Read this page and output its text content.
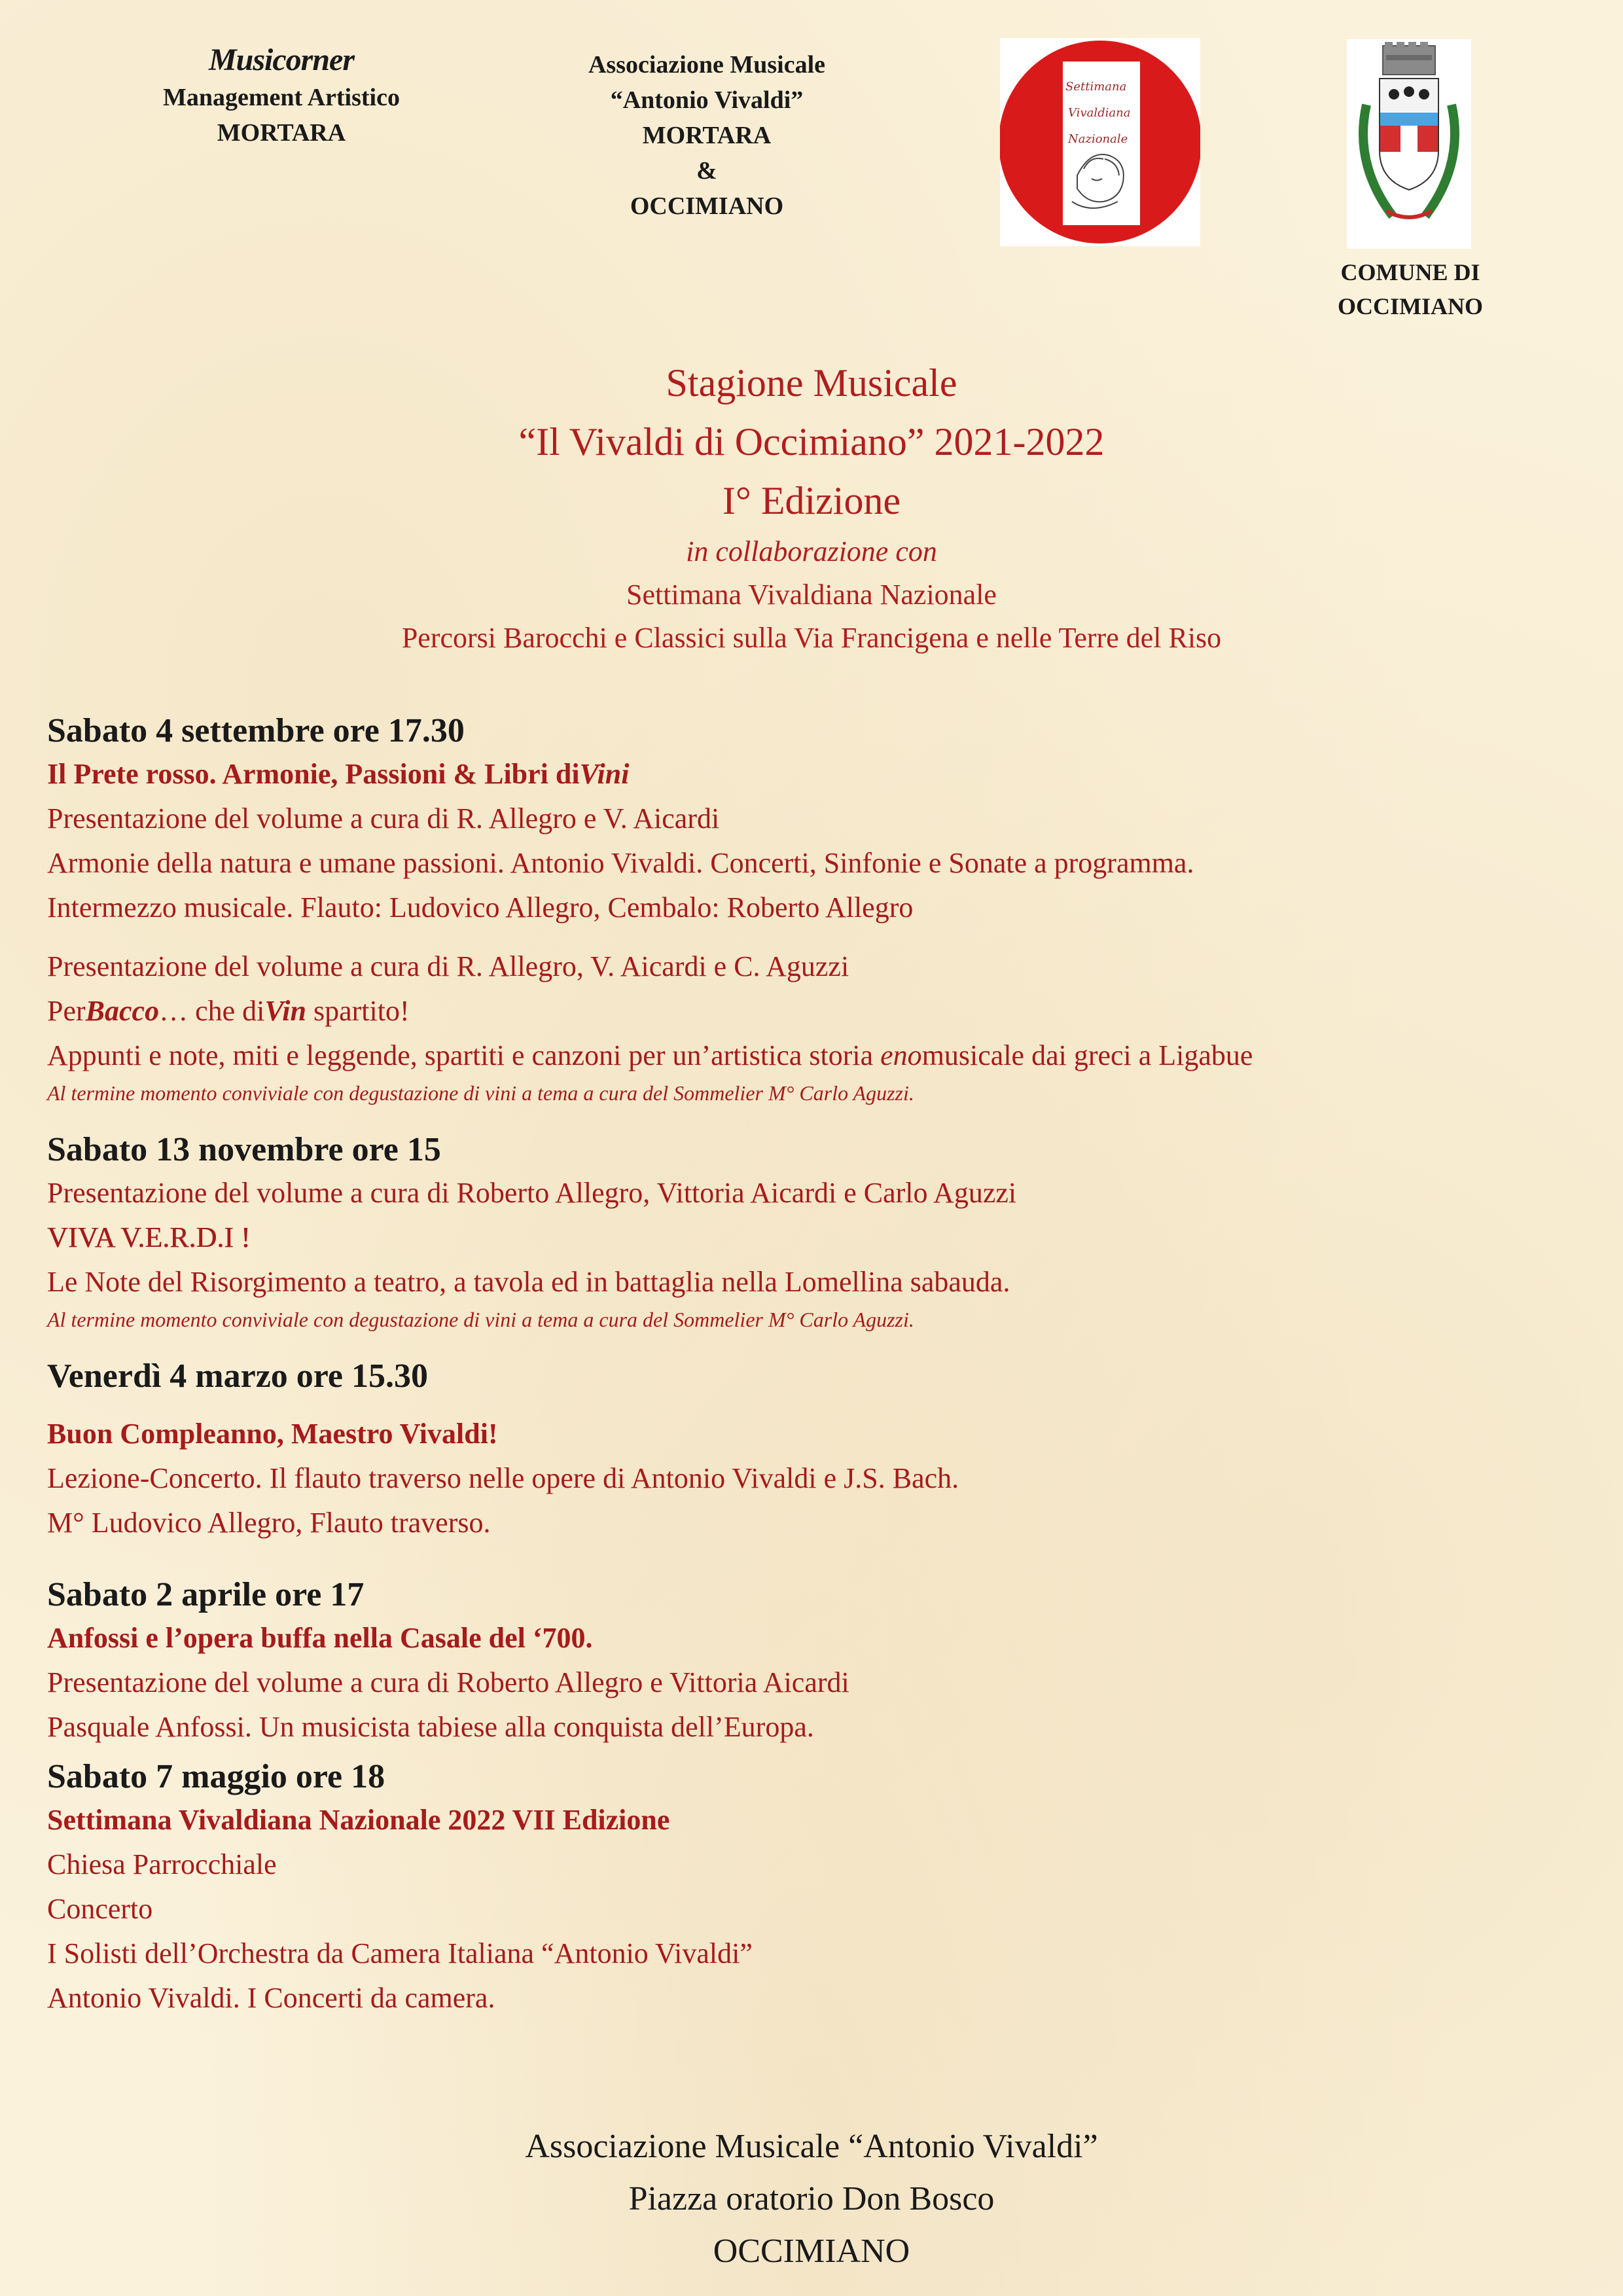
Musicorner
Management Artistico
MORTARA
Associazione Musicale
“Antonio Vivaldi”
MORTARA
&
OCCIMIANO
Settimana
Vivaldiana
Nazionale
COMUNE DI
OCCIMIANO
Stagione Musicale
“Il Vivaldi di Occimiano” 2021-2022
I° Edizione
in collaborazione con
Settimana Vivaldiana Nazionale
Percorsi Barocchi e Classici sulla Via Francigena e nelle Terre del Riso
Sabato 4 settembre ore 17.30
Il Prete rosso. Armonie, Passioni & Libri diVini
Presentazione del volume a cura di R. Allegro e V. Aicardi
Armonie della natura e umane passioni. Antonio Vivaldi. Concerti, Sinfonie e Sonate a programma.
Intermezzo musicale. Flauto: Ludovico Allegro, Cembalo: Roberto Allegro
Presentazione del volume a cura di R. Allegro, V. Aicardi e C. Aguzzi
PerBacco… che diVin spartito!
Appunti e note, miti e leggende, spartiti e canzoni per un’artistica storia enomusicale dai greci a Ligabue
Al termine momento conviviale con degustazione di vini a tema a cura del Sommelier M° Carlo Aguzzi.
Sabato 13 novembre ore 15
Presentazione del volume a cura di Roberto Allegro, Vittoria Aicardi e Carlo Aguzzi
VIVA V.E.R.D.I !
Le Note del Risorgimento a teatro, a tavola ed in battaglia nella Lomellina sabauda.
Al termine momento conviviale con degustazione di vini a tema a cura del Sommelier M° Carlo Aguzzi.
Venerdì 4 marzo ore 15.30
Buon Compleanno, Maestro Vivaldi!
Lezione-Concerto. Il flauto traverso nelle opere di Antonio Vivaldi e J.S. Bach.
M° Ludovico Allegro, Flauto traverso.
Sabato 2 aprile ore 17
Anfossi e l’opera buffa nella Casale del ‘700.
Presentazione del volume a cura di Roberto Allegro e Vittoria Aicardi
Pasquale Anfossi. Un musicista tabiese alla conquista dell’Europa.
Sabato 7 maggio ore 18
Settimana Vivaldiana Nazionale 2022 VII Edizione
Chiesa Parrocchiale
Concerto
I Solisti dell’Orchestra da Camera Italiana “Antonio Vivaldi”
Antonio Vivaldi. I Concerti da camera.
Associazione Musicale “Antonio Vivaldi”
Piazza oratorio Don Bosco
OCCIMIANO
